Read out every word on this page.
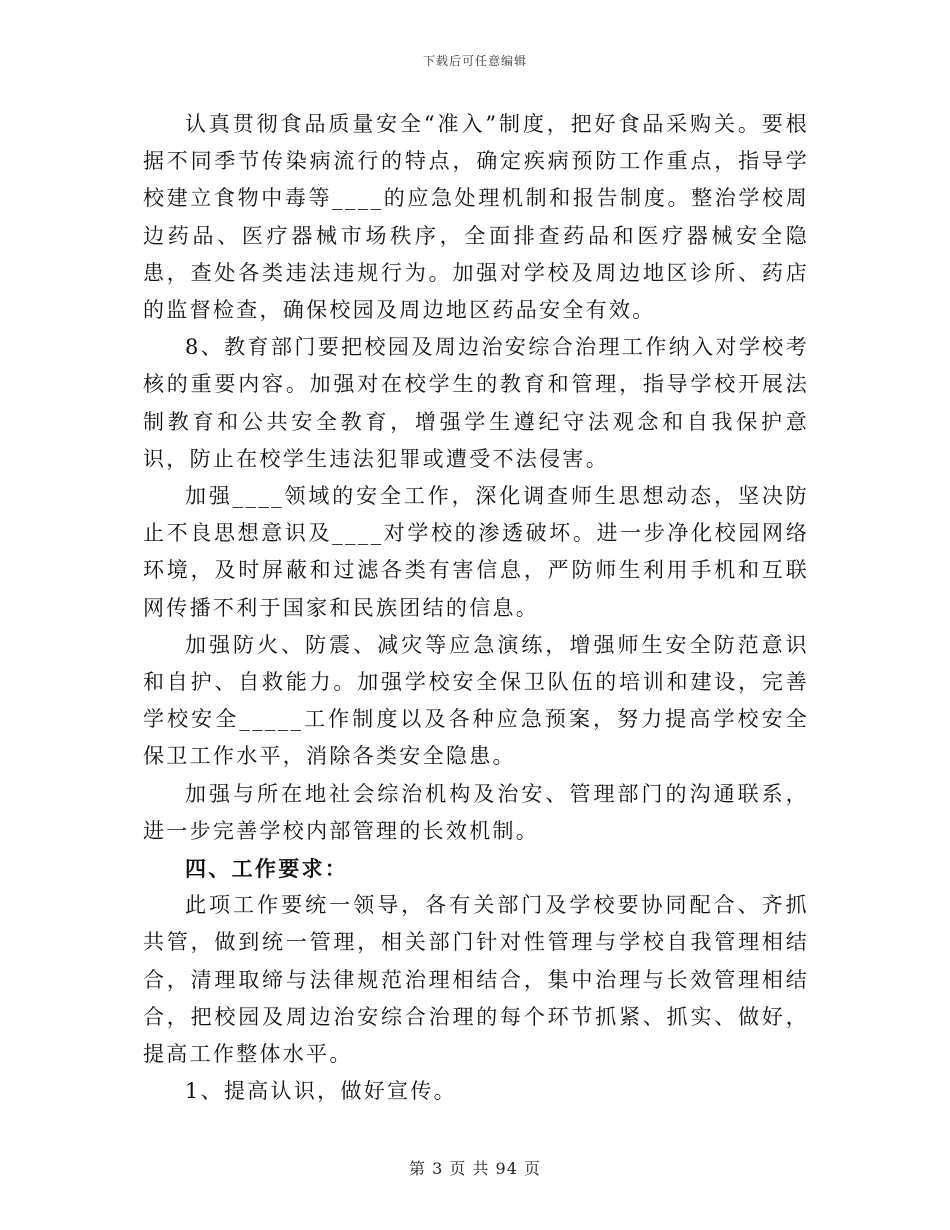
下载后可任意编辑

认真贯彻食品质量安全“准入”制度，把好食品采购关。要根据不同季节传染病流行的特点，确定疾病预防工作重点，指导学校建立食物中毒等____的应急处理机制和报告制度。整治学校周边药品、医疗器械市场秩序，全面排查药品和医疗器械安全隐患，查处各类违法违规行为。加强对学校及周边地区诊所、药店的监督检查，确保校园及周边地区药品安全有效。

8、教育部门要把校园及周边治安综合治理工作纳入对学校考核的重要内容。加强对在校学生的教育和管理，指导学校开展法制教育和公共安全教育，增强学生遵纪守法观念和自我保护意识，防止在校学生违法犯罪或遭受不法侵害。

加强____领域的安全工作，深化调查师生思想动态，坚决防止不良思想意识及____对学校的渗透破坏。进一步净化校园网络环境，及时屏蔽和过滤各类有害信息，严防师生利用手机和互联网传播不利于国家和民族团结的信息。

加强防火、防震、减灾等应急演练，增强师生安全防范意识和自护、自救能力。加强学校安全保卫队伍的培训和建设，完善学校安全_____工作制度以及各种应急预案，努力提高学校安全保卫工作水平，消除各类安全隐患。

加强与所在地社会综治机构及治安、管理部门的沟通联系，进一步完善学校内部管理的长效机制。

四、工作要求：

此项工作要统一领导，各有关部门及学校要协同配合、齐抓共管，做到统一管理，相关部门针对性管理与学校自我管理相结合，清理取缔与法律规范治理相结合，集中治理与长效管理相结合，把校园及周边治安综合治理的每个环节抓紧、抓实、做好，提高工作整体水平。

1、提高认识，做好宣传。

第 3 页 共 94 页
